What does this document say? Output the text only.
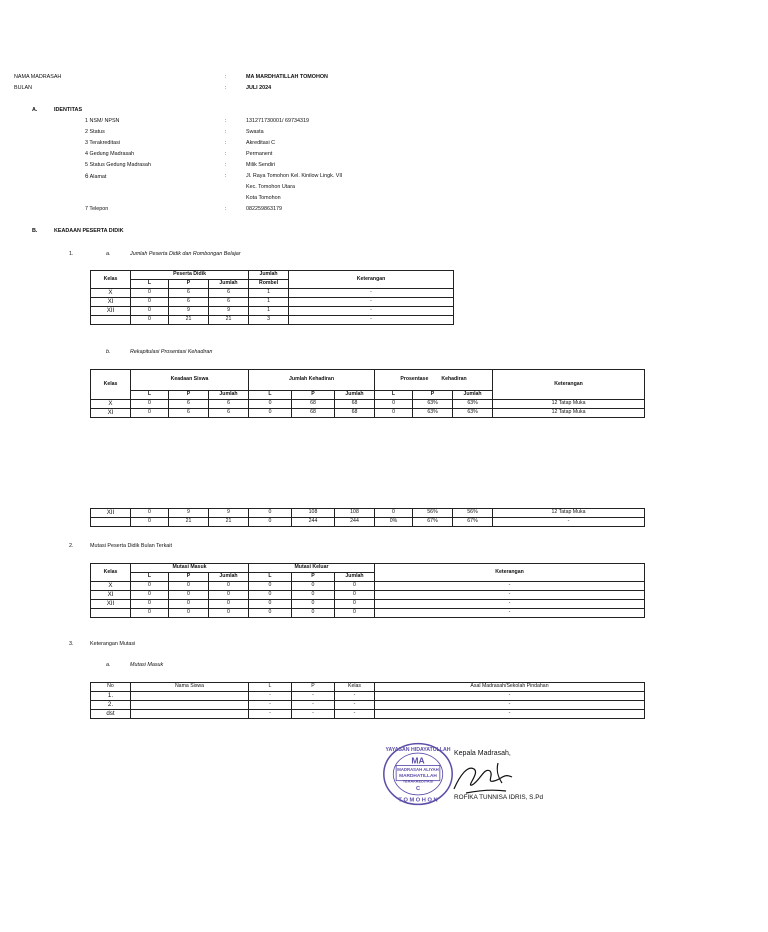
NAMA MADRASAH	:	MA MARDHATILLAH TOMOHON
BULAN	:	JULI 2024
A.	IDENTITAS
1 NSM/ NPSN	:	131271730001/ 69734319
2 Status	:	Swasta
3 Terakreditasi	:	Akreditasi C
4 Gedung Madrasah	:	Permanent
5 Status Gedung Madrasah	:	Milik Sendiri
6 Alamat	:	Jl. Raya Tomohon Kel. Kinilow Lingk. VII
Kec. Tomohon Utara
Kota Tomohon
7 Telepon	:	082259863179
B.	KEADAAN PESERTA DIDIK
1.	a.	Jumlah Peserta Didik dan Rombongan Belajar
Kelas	Peserta Didik			Jumlah	Keterangan
	L	P	Jumlah	Rombel	
X	0	6	6	1	-
XI	0	6	6	1	-
XII	0	9	9	1	-
	0	21	21	3	-
b.	Rekapitulasi Prosentasi Kehadiran
Kelas	Keadaan Siswa			Jumlah Kehadiran			Prosentase Kehadiran			Keterangan
	L	P	Jumlah	L	P	Jumlah	L	P	Jumlah	
X	0	6	6	0	68	68	0	63%	63%	12 Tatap Muka
XI	0	6	6	0	68	68	0	63%	63%	12 Tatap Muka
XII	0	9	9	0	108	108	0	56%	56%	12 Tatap Muka
	0	21	21	0	244	244	0%	67%	67%	-
2.	Mutasi Peserta Didik Bulan Terkait
Kelas	Mutasi Masuk			Mutasi Keluar			Keterangan
	L	P	Jumlah	L	P	Jumlah	
X	0	0	0	0	0	0	-
XI	0	0	0	0	0	0	-
XII	0	0	0	0	0	0	-
	0	0	0	0	0	0	-
3.	Keterangan Mutasi
a.	Mutasi Masuk
No	Nama Siswa	L	P	Kelas	Asal Madrasah/Sekolah Pindahan
1.		-	-	-	-
2.		-	-	-	-
dst		-	-	-	-
YAYASAN HIDAYATULLAH
MA
MADRASAH ALIYAH
MARDHATILLAH
TERAKREDITASI
C
T O M O H O N
Kepala Madrasah,
ROFIKA TUNNISA IDRIS, S.Pd
